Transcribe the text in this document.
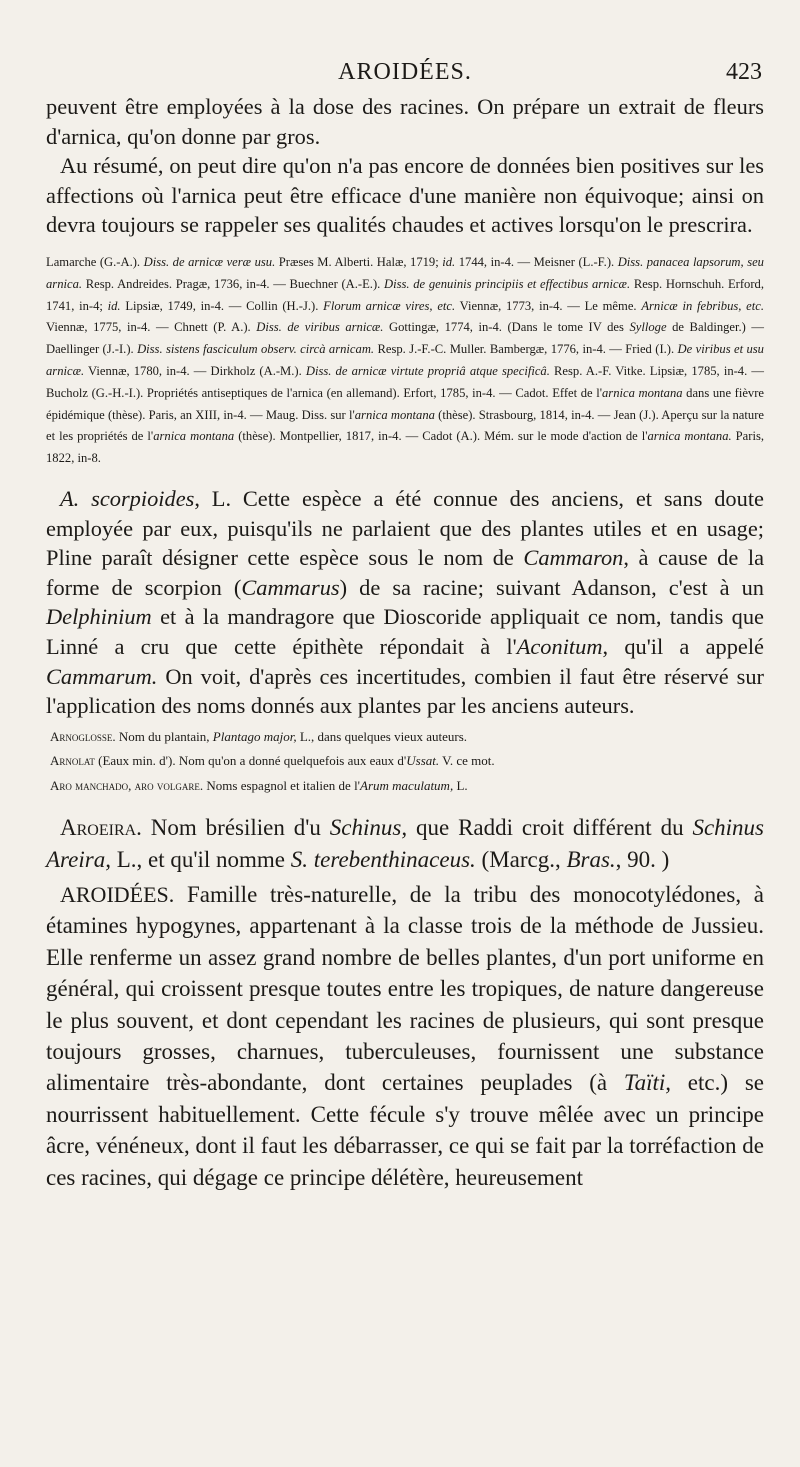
AROIDÉES.	423

peuvent être employées à la dose des racines. On prépare un extrait de fleurs d'arnica, qu'on donne par gros.

Au résumé, on peut dire qu'on n'a pas encore de données bien positives sur les affections où l'arnica peut être efficace d'une manière non équivoque; ainsi on devra toujours se rappeler ses qualités chaudes et actives lorsqu'on le prescrira.

Lamarche (G.-A.). Diss. de arnicæ veræ usu. Præses M. Alberti. Halæ, 1719; id. 1744, in-4. — Meisner (L.-F.). Diss. panacea lapsorum, seu arnica. Resp. Andreides. Pragæ, 1736, in-4. — Buechner (A.-E.). Diss. de genuinis principiis et effectibus arnicæ. Resp. Hornschuh. Erford, 1741, in-4; id. Lipsiæ, 1749, in-4. — Collin (H.-J.). Florum arnicæ vires, etc. Viennæ, 1773, in-4. — Le même. Arnicæ in febribus, etc. Viennæ, 1775, in-4. — Chnett (P. A.). Diss. de viribus arnicæ. Gottingæ, 1774, in-4. (Dans le tome IV des Sylloge de Baldinger.) — Daellinger (J.-I.). Diss. sistens fasciculum observ. circà arnicam. Resp. J.-F.-C. Muller. Bambergæ, 1776, in-4. — Fried (I.). De viribus et usu arnicæ. Viennæ, 1780, in-4. — Dirkholz (A.-M.). Diss. de arnicæ virtute propriâ atque specificâ. Resp. A.-F. Vitke. Lipsiæ, 1785, in-4. — Bucholz (G.-H.-I.). Propriétés antiseptiques de l'arnica (en allemand). Erfort, 1785, in-4. — Cadot. Effet de l'arnica montana dans une fièvre épidémique (thèse). Paris, an XIII, in-4. — Maug. Diss. sur l'arnica montana (thèse). Strasbourg, 1814, in-4. — Jean (J.). Aperçu sur la nature et les propriétés de l'arnica montana (thèse). Montpellier, 1817, in-4. — Cadot (A.). Mém. sur le mode d'action de l'arnica montana. Paris, 1822, in-8.

A. scorpioides, L. Cette espèce a été connue des anciens, et sans doute employée par eux, puisqu'ils ne parlaient que des plantes utiles et en usage; Pline paraît désigner cette espèce sous le nom de Cammaron, à cause de la forme de scorpion (Cammarus) de sa racine; suivant Adanson, c'est à un Delphinium et à la mandragore que Dioscoride appliquait ce nom, tandis que Linné a cru que cette épithète répondait à l'Aconitum, qu'il a appelé Cammarum. On voit, d'après ces incertitudes, combien il faut être réservé sur l'application des noms donnés aux plantes par les anciens auteurs.

Arnoglosse. Nom du plantain, Plantago major, L., dans quelques vieux auteurs.
Arnolat (Eaux min. d'). Nom qu'on a donné quelquefois aux eaux d'Ussat. V. ce mot.
Aro manchado, aro volgare. Noms espagnol et italien de l'Arum maculatum, L.

Aroeira. Nom brésilien d'u Schinus, que Raddi croit différent du Schinus Areira, L., et qu'il nomme S. terebenthinaceus. (Marcg., Bras., 90. )

AROIDÉES. Famille très-naturelle, de la tribu des monocotylédones, à étamines hypogynes, appartenant à la classe trois de la méthode de Jussieu. Elle renferme un assez grand nombre de belles plantes, d'un port uniforme en général, qui croissent presque toutes entre les tropiques, de nature dangereuse le plus souvent, et dont cependant les racines de plusieurs, qui sont presque toujours grosses, charnues, tuberculeuses, fournissent une substance alimentaire très-abondante, dont certaines peuplades (à Taïti, etc.) se nourrissent habituellement. Cette fécule s'y trouve mêlée avec un principe âcre, vénéneux, dont il faut les débarrasser, ce qui se fait par la torréfaction de ces racines, qui dégage ce principe délétère, heureusement
